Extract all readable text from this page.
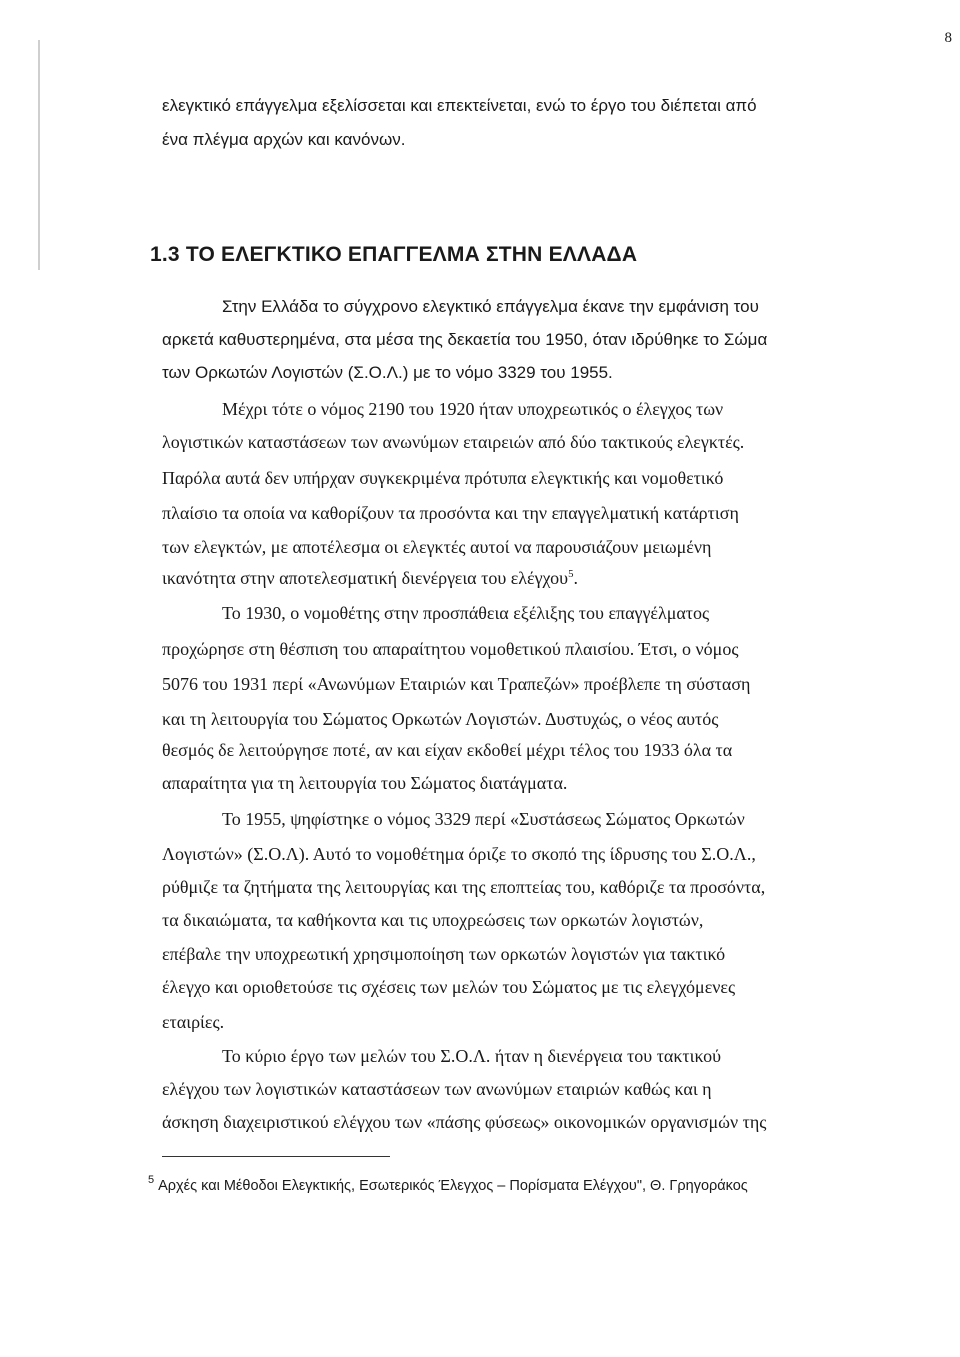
8
ελεγκτικό επάγγελμα εξελίσσεται και επεκτείνεται, ενώ το έργο του διέπεται από
ένα πλέγμα αρχών και κανόνων.
1.3 ΤΟ ΕΛΕΓΚΤΙΚΟ ΕΠΑΓΓΕΛΜΑ ΣΤΗΝ ΕΛΛΑΔΑ
Στην Ελλάδα το σύγχρονο ελεγκτικό επάγγελμα έκανε την εμφάνιση του
αρκετά καθυστερημένα, στα μέσα της δεκαετία του 1950, όταν ιδρύθηκε το Σώμα
των Ορκωτών Λογιστών (Σ.Ο.Λ.) με το νόμο 3329 του 1955.
Μέχρι τότε ο νόμος 2190 του 1920 ήταν υποχρεωτικός ο έλεγχος των
λογιστικών καταστάσεων των ανωνύμων εταιρειών από δύο τακτικούς ελεγκτές.
Παρόλα αυτά δεν υπήρχαν συγκεκριμένα πρότυπα ελεγκτικής και νομοθετικό
πλαίσιο τα οποία να καθορίζουν τα προσόντα και την επαγγελματική κατάρτιση
των ελεγκτών, με αποτέλεσμα οι ελεγκτές αυτοί να παρουσιάζουν μειωμένη
ικανότητα στην αποτελεσματική διενέργεια του ελέγχου$^5$.
Το 1930, ο νομοθέτης στην προσπάθεια εξέλιξης του επαγγέλματος
προχώρησε στη θέσπιση του απαραίτητου νομοθετικού πλαισίου. Έτσι, ο νόμος
5076 του 1931 περί «Ανωνύμων Εταιριών και Τραπεζών» προέβλεπε τη σύσταση
και τη λειτουργία του Σώματος Ορκωτών Λογιστών. Δυστυχώς, ο νέος αυτός
θεσμός δε λειτούργησε ποτέ, αν και είχαν εκδοθεί μέχρι τέλος του 1933 όλα τα
απαραίτητα για τη λειτουργία του Σώματος διατάγματα.
Το 1955, ψηφίστηκε ο νόμος 3329 περί «Συστάσεως Σώματος Ορκωτών
Λογιστών» (Σ.Ο.Λ). Αυτό το νομοθέτημα όριζε το σκοπό της ίδρυσης του Σ.Ο.Λ.,
ρύθμιζε τα ζητήματα της λειτουργίας και της εποπτείας του, καθόριζε τα προσόντα,
τα δικαιώματα, τα καθήκοντα και τις υποχρεώσεις των ορκωτών λογιστών,
επέβαλε την υποχρεωτική χρησιμοποίηση των ορκωτών λογιστών για τακτικό
έλεγχο και οριοθετούσε τις σχέσεις των μελών του Σώματος με τις ελεγχόμενες
εταιρίες.
Το κύριο έργο των μελών του Σ.Ο.Λ. ήταν η διενέργεια του τακτικού
ελέγχου των λογιστικών καταστάσεων των ανωνύμων εταιριών καθώς και η
άσκηση διαχειριστικού ελέγχου των «πάσης φύσεως» οικονομικών οργανισμών της
$^5$ Αρχές και Μέθοδοι Ελεγκτικής, Εσωτερικός Έλεγχος – Πορίσματα Ελέγχου", Θ. Γρηγοράκος
